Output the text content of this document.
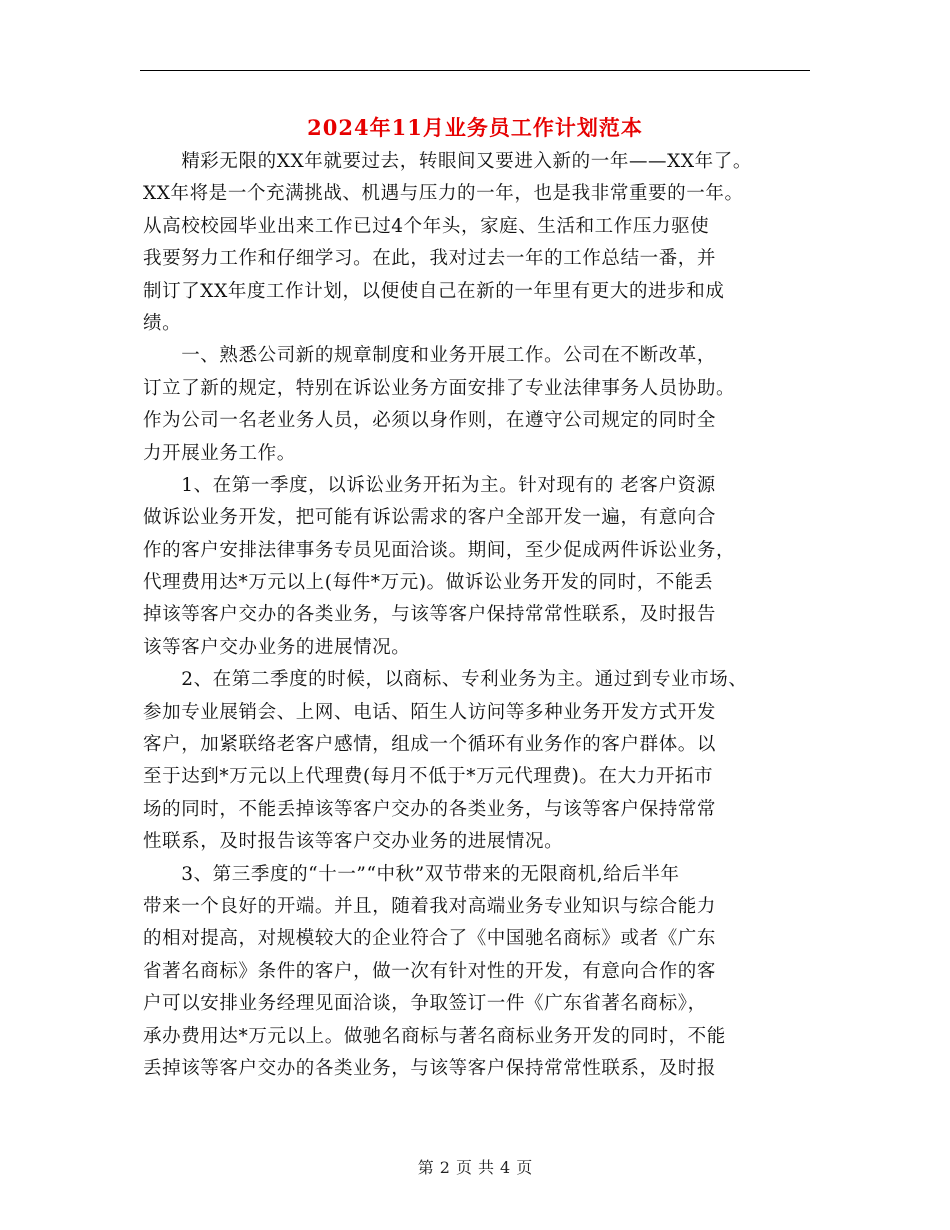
2024年11月业务员工作计划范本
　　精彩无限的XX年就要过去，转眼间又要进入新的一年——XX年了。
XX年将是一个充满挑战、机遇与压力的一年，也是我非常重要的一年。
从高校校园毕业出来工作已过4个年头，家庭、生活和工作压力驱使
我要努力工作和仔细学习。在此，我对过去一年的工作总结一番，并
制订了XX年度工作计划，以便使自己在新的一年里有更大的进步和成
绩。
　　一、熟悉公司新的规章制度和业务开展工作。公司在不断改革，
订立了新的规定，特别在诉讼业务方面安排了专业法律事务人员协助。
作为公司一名老业务人员，必须以身作则，在遵守公司规定的同时全
力开展业务工作。
　　1、在第一季度，以诉讼业务开拓为主。针对现有的 老客户资源
做诉讼业务开发，把可能有诉讼需求的客户全部开发一遍，有意向合
作的客户安排法律事务专员见面洽谈。期间，至少促成两件诉讼业务，
代理费用达*万元以上(每件*万元)。做诉讼业务开发的同时，不能丢
掉该等客户交办的各类业务，与该等客户保持常常性联系，及时报告
该等客户交办业务的进展情况。
　　2、在第二季度的时候，以商标、专利业务为主。通过到专业市场、
参加专业展销会、上网、电话、陌生人访问等多种业务开发方式开发
客户，加紧联络老客户感情，组成一个循环有业务作的客户群体。以
至于达到*万元以上代理费(每月不低于*万元代理费)。在大力开拓市
场的同时，不能丢掉该等客户交办的各类业务，与该等客户保持常常
性联系，及时报告该等客户交办业务的进展情况。
　　3、第三季度的“十一”“中秋”双节带来的无限商机,给后半年
带来一个良好的开端。并且，随着我对高端业务专业知识与综合能力
的相对提高，对规模较大的企业符合了《中国驰名商标》或者《广东
省著名商标》条件的客户，做一次有针对性的开发，有意向合作的客
户可以安排业务经理见面洽谈，争取签订一件《广东省著名商标》，
承办费用达*万元以上。做驰名商标与著名商标业务开发的同时，不能
丢掉该等客户交办的各类业务，与该等客户保持常常性联系，及时报
第 2 页 共 4 页
